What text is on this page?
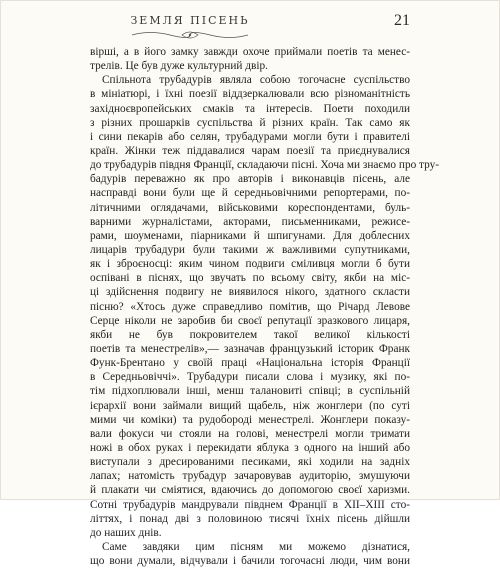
ЗЕМЛЯ ПІСЕНЬ	21
вірші, а в його замку завжди охоче приймали поетів та менес-
трелів. Це був дуже культурний двір.
Спільнота трубадурів являла собою тогочасне суспільство
в мініатюрі, і їхні поезії віддзеркалювали всю різноманітність
західноєвропейських смаків та інтересів. Поети походили
з різних прошарків суспільства й різних країн. Так само як
і сини пекарів або селян, трубадурами могли бути і правителі
країн. Жінки теж піддавалися чарам поезії та приєднувалися
до трубадурів півдня Франції, складаючи пісні. Хоча ми знаємо про тру-
бадурів переважно як про авторів і виконавців пісень, але
насправді вони були ще й середньовічними репортерами, по-
літичними оглядачами, військовими кореспондентами, буль-
варними журналістами, акторами, письменниками, режисе-
рами, шоуменами, піарниками й шпигунами. Для доблесних
лицарів трубадури були такими ж важливими супутниками,
як і зброєносці: яким чином подвиги сміливця могли б бути
оспівані в піснях, що звучать по всьому світу, якби на міс-
ці здійснення подвигу не виявилося нікого, здатного скласти
пісню? «Хтось дуже справедливо помітив, що Річард Левове
Серце ніколи не заробив би своєї репутації зразкового лицаря,
якби не був покровителем такої великої кількості
поетів та менестрелів»,— зазначав французький історик Франк
Функ-Брентано у своїй праці «Національна історія Франції
в Середньовіччі». Трубадури писали слова і музику, які по-
тім підхоплювали інші, менш талановиті співці; в суспільній
ієрархії вони займали вищий щабель, ніж жонглери (по суті
мими чи коміки) та рудобороді менестрелі. Жонглери показу-
вали фокуси чи стояли на голові, менестрелі могли тримати
ножі в обох руках і перекидати яблука з одного на інший або
виступали з дресированими песиками, які ходили на задніх
лапах; натомість трубадур зачаровував аудиторію, змушуючи
й плакати чи сміятися, вдаючись до допомогою своєї харизми.
Сотні трубадурів мандрували півднем Франції в XII–XIII сто-
літтях, і понад дві з половиною тисячі їхніх пісень дійшли
до наших днів.
Саме завдяки цим пісням ми можемо дізнатися,
що вони думали, відчували і бачили тогочасні люди, чим вони
